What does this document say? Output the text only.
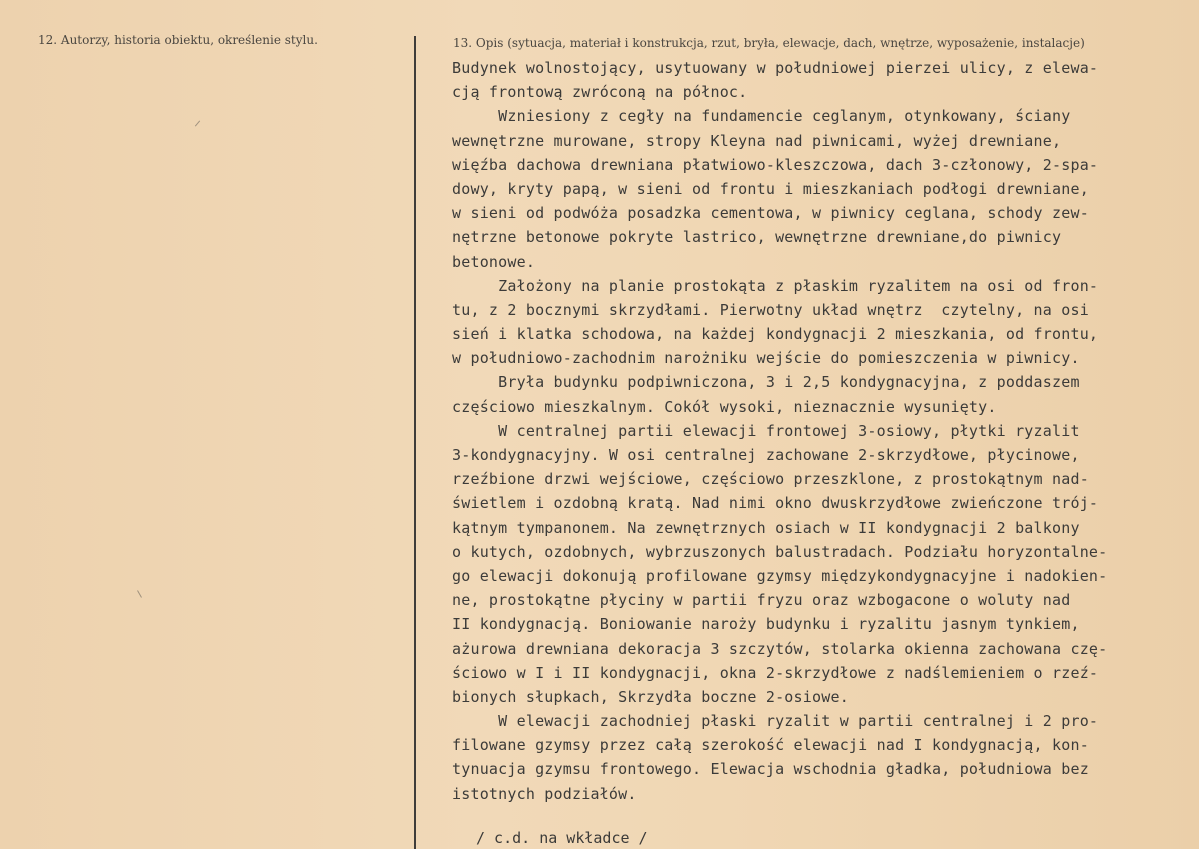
12. Autorzy, historia obiektu, określenie stylu.	13. Opis (sytuacja, materiał i konstrukcja, rzut, bryła, elewacje, dach, wnętrze, wyposażenie, instalacje)
Budynek wolnostojący, usytuowany w południowej pierzei ulicy, z elewa-
cją frontową zwróconą na północ.
Wzniesiony z cegły na fundamencie ceglanym, otynkowany, ściany
wewnętrzne murowane, stropy Kleyna nad piwnicami, wyżej drewniane,
więźba dachowa drewniana płatwiowo-kleszczowa, dach 3-członowy, 2-spa-
dowy, kryty papą, w sieni od frontu i mieszkaniach podłogi drewniane,
w sieni od podwóża posadzka cementowa, w piwnicy ceglana, schody zew-
nętrzne betonowe pokryte lastrico, wewnętrzne drewniane,do piwnicy
betonowe.
Założony na planie prostokąta z płaskim ryzalitem na osi od fron-
tu, z 2 bocznymi skrzydłami. Pierwotny układ wnętrz  czytelny, na osi
sień i klatka schodowa, na każdej kondygnacji 2 mieszkania, od frontu,
w południowo-zachodnim narożniku wejście do pomieszczenia w piwnicy.
Bryła budynku podpiwniczona, 3 i 2,5 kondygnacyjna, z poddaszem
częściowo mieszkalnym. Cokół wysoki, nieznacznie wysunięty.
W centralnej partii elewacji frontowej 3-osiowy, płytki ryzalit
3-kondygnacyjny. W osi centralnej zachowane 2-skrzydłowe, płycinowe,
rzeźbione drzwi wejściowe, częściowo przeszklone, z prostokątnym nad-
świetlem i ozdobną kratą. Nad nimi okno dwuskrzydłowe zwieńczone trój-
kątnym tympanonem. Na zewnętrznych osiach w II kondygnacji 2 balkony
o kutych, ozdobnych, wybrzuszonych balustradach. Podziału horyzontalne-
go elewacji dokonują profilowane gzymsy międzykondygnacyjne i nadokien-
ne, prostokątne płyciny w partii fryzu oraz wzbogacone o woluty nad
II kondygnacją. Boniowanie naroży budynku i ryzalitu jasnym tynkiem,
ażurowa drewniana dekoracja 3 szczytów, stolarka okienna zachowana czę-
ściowo w I i II kondygnacji, okna 2-skrzydłowe z nadślemieniem o rzeź-
bionych słupkach, Skrzydła boczne 2-osiowe.
W elewacji zachodniej płaski ryzalit w partii centralnej i 2 pro-
filowane gzymsy przez całą szerokość elewacji nad I kondygnacją, kon-
tynuacja gzymsu frontowego. Elewacja wschodnia gładka, południowa bez
istotnych podziałów.
/ c.d. na wkładce /
